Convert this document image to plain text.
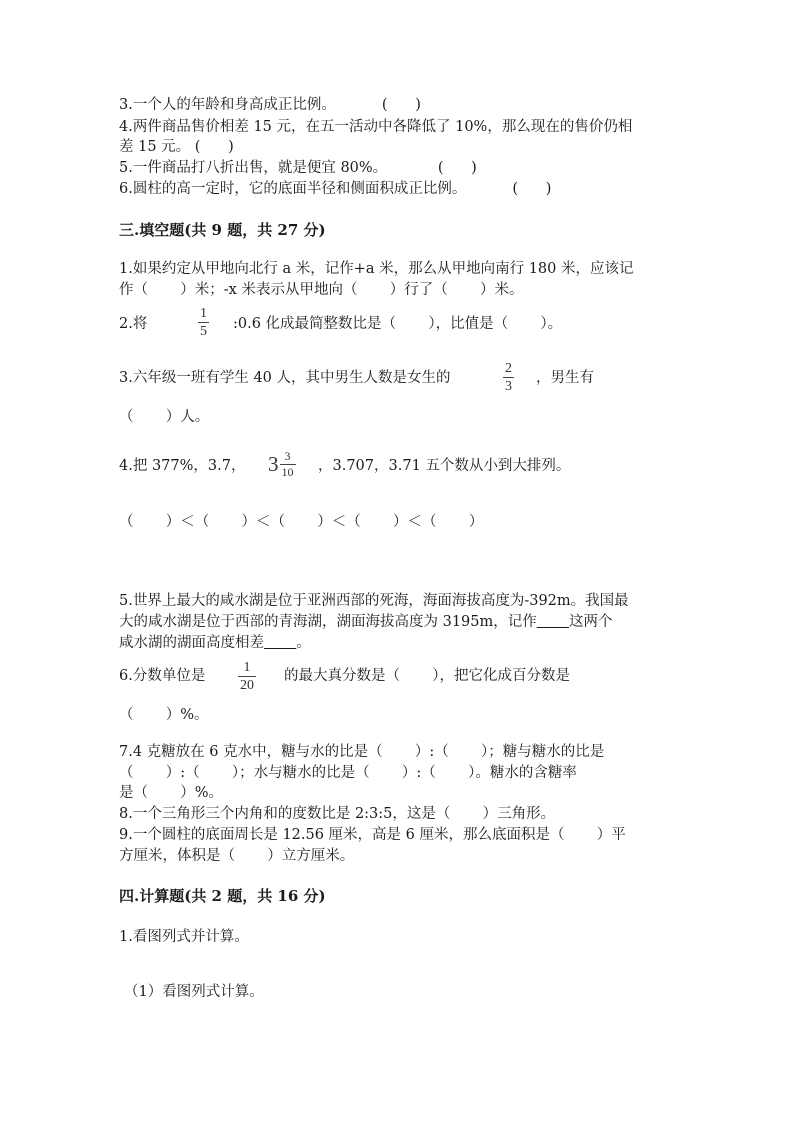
3.一个人的年龄和身高成正比例。          (      )
4.两件商品售价相差 15 元，在五一活动中各降低了 10%，那么现在的售价仍相
差 15 元。 (      )
5.一件商品打八折出售，就是便宜 80%。           (      )
6.圆柱的高一定时，它的底面半径和侧面积成正比例。          (      )
三.填空题(共 9 题，共 27 分)
1.如果约定从甲地向北行 a 米，记作+a 米，那么从甲地向南行 180 米，应该记
作（       ）米；-x 米表示从甲地向（       ）行了（       ）米。
2.将
1
5 :0.6 化成最简整数比是（       ），比值是（       ）。
3.六年级一班有学生 40 人，其中男生人数是女生的
2
3
，男生有
（       ）人。
4.把 377%，3.7， $3 \frac{3}{10}$ ，3.707，3.71 五个数从小到大排列。
（       ）＜（       ）＜（       ）＜（       ）＜（       ）
5.世界上最大的咸水湖是位于亚洲西部的死海，海面海拔高度为-392m。我国最
大的咸水湖是位于西部的青海湖，湖面海拔高度为 3195m，记作 这两个
咸水湖的湖面高度相差 。
6.分数单位是
1
20
的最大真分数是（       ），把它化成百分数是
（       ）%。
7.4 克糖放在 6 克水中，糖与水的比是（       ）:（       ）；糖与糖水的比是
（       ）:（       ）；水与糖水的比是（       ）:（       ）。糖水的含糖率
是（       ）%。
8.一个三角形三个内角和的度数比是 2:3:5，这是（       ）三角形。
9.一个圆柱的底面周长是 12.56 厘米，高是 6 厘米，那么底面积是（       ）平
方厘米，体积是（       ）立方厘米。
四.计算题(共 2 题，共 16 分)
1.看图列式并计算。
（1）看图列式计算。
